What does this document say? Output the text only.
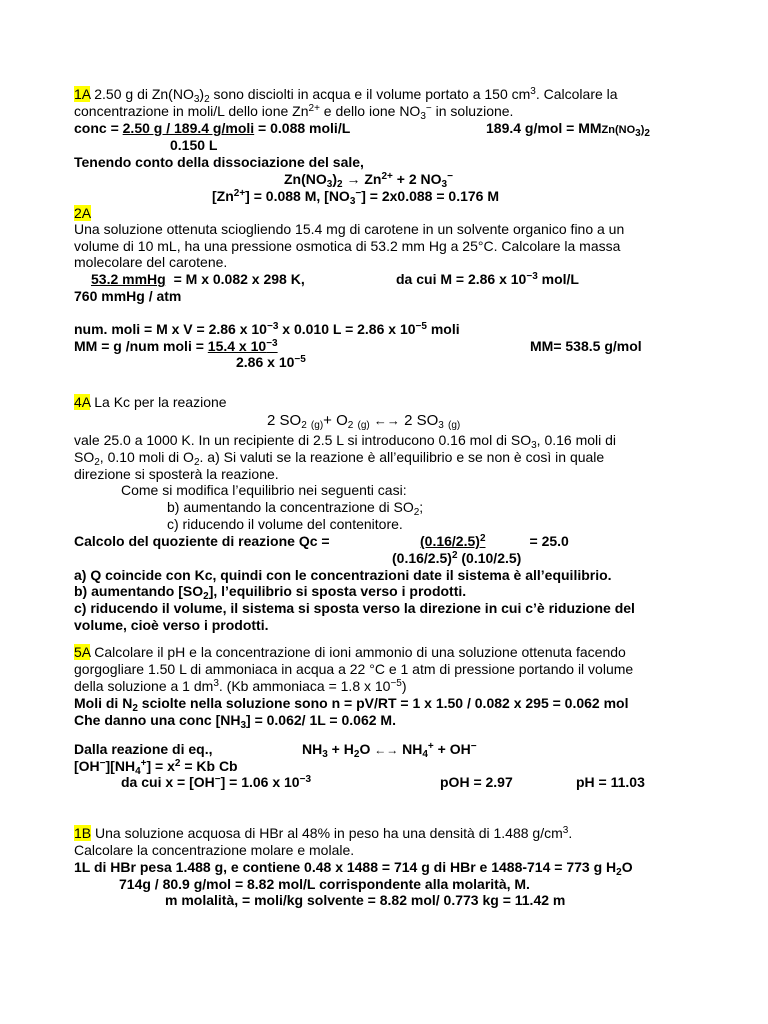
1A 2.50 g di $Zn(NO_3)_2$ sono disciolti in acqua e il volume portato a 150 $cm^3$. Calcolare la
concentrazione in moli/L dello ione $Zn^{2+}$ e dello ione $NO_3^-$ in soluzione.
conc = 2.50 g / 189.4 g/moli = 0.088 moli/L	189.4 $g/mol = MMZn(NO_3)_2$
0.150 L
Tenendo conto della dissociazione del sale,
$Zn(NO_3)_2 \to Zn^{2+} + 2$ $NO_3^-$
$[Zn^{2+}] = 0.088$ M, $[NO_3^-] = 2x0.088 = 0.176$ M
2A
Una soluzione ottenuta sciogliendo 15.4 mg di carotene in un solvente organico fino a un
volume di 10 mL, ha una pressione osmotica di 53.2 mm Hg a 25°C. Calcolare la massa
molecolare del carotene.
53.2 mmHg = M x 0.082 x 298 K,	da cui M = 2.86 x $10^{-3}$ mol/L
760 mmHg / atm
num. moli = M x V = 2.86 x $10^{-3}$ x 0.010 L = 2.86 x $10^{-5}$ moli
MM = g /num moli = 15.4 x $10^{-3}$	MM= 538.5 g/mol
2.86 x $10^{-5}$
4A La Kc per la reazione
2 $SO_2$ $_{(g)}+ O_2$ $_{(g)}$ ←→ 2 $SO_3$ $_{(g)}$
vale 25.0 a 1000 K. In un recipiente di 2.5 L si introducono 0.16 mol di $SO_3$, 0.16 moli di
$SO_2$, 0.10 moli di $O_2$. a) Si valuti se la reazione è all’equilibrio e se non è così in quale
direzione si sposterà la reazione.
Come si modifica l’equilibrio nei seguenti casi:
b) aumentando la concentrazione di $SO_2$;
c) riducendo il volume del contenitore.
Calcolo del quoziente di reazione Qc =	$(0.16/2.5)^2$	= 25.0
$(0.16/2.5)^2$ (0.10/2.5)
a) Q coincide con Kc, quindi con le concentrazioni date il sistema è all’equilibrio.
b) aumentando $[SO_2]$, l’equilibrio si sposta verso i prodotti.
c) riducendo il volume, il sistema si sposta verso la direzione in cui c’è riduzione del
volume, cioè verso i prodotti.
5A Calcolare il pH e la concentrazione di ioni ammonio di una soluzione ottenuta facendo
gorgogliare 1.50 L di ammoniaca in acqua a 22 °C e 1 atm di pressione portando il volume
della soluzione a 1 $dm^3$. (Kb ammoniaca = 1.8 x $10^{-5}$)
Moli di $N_2$ sciolte nella soluzione sono n = pV/RT = 1 x 1.50 / 0.082 x 295 = 0.062 mol
Che danno una conc $[NH_3] = 0.062/$ 1L = 0.062 M.
Dalla reazione di eq.,	$NH_3 + H_2O$ ←→ $NH_4^+ + OH^-$
$[OH^-][NH_4^+] = x^2 = Kb$ Cb
da cui x = [OH−] = 1.06 x $10^{-3}$	pOH = 2.97	pH = 11.03
1B Una soluzione acquosa di HBr al 48% in peso ha una densità di 1.488 $g/cm^3$.
Calcolare la concentrazione molare e molale.
1L di HBr pesa 1.488 g, e contiene 0.48 x 1488 = 714 g di HBr e 1488-714 = 773 g $H_2O$
714g / 80.9 g/mol = 8.82 mol/L corrispondente alla molarità, M.
m molalità, = moli/kg solvente = 8.82 mol/ 0.773 kg = 11.42 m
